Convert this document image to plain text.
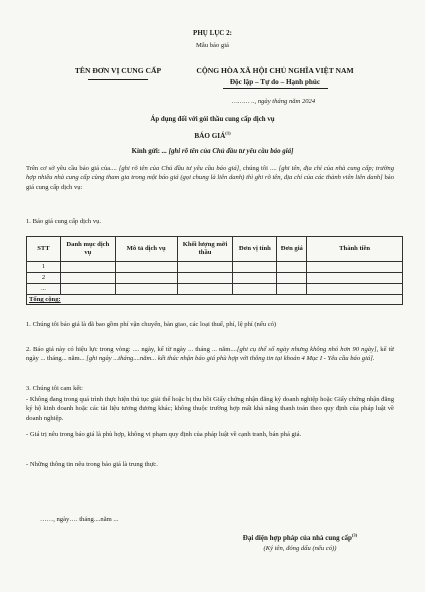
PHỤ LỤC 2:
Mẫu báo giá
TÊN ĐƠN VỊ CUNG CẤP	CỘNG HÒA XÃ HỘI CHỦ NGHĨA VIỆT NAM
Độc lập – Tự do – Hạnh phúc
……… .., ngày tháng năm 2024
Áp dụng đối với gói thầu cung cấp dịch vụ
BÁO GIÁ$^{(1)}$
Kính gửi: ... [ghi rõ tên của Chủ đầu tư yêu cầu báo giá]
Trên cơ sở yêu cầu báo giá của.... [ghi rõ tên của Chủ đầu tư yêu cầu báo giá], chúng tôi .... [ghi tên, địa chỉ của nhà cung cấp; trường hợp nhiều nhà cung cấp cùng tham gia trong một báo giá (gọi chung là liên danh) thì ghi rõ tên, địa chỉ của các thành viên liên danh] báo giá cung cấp dịch vụ:
1. Báo giá cung cấp dịch vụ.
STT	Danh mục dịch vụ	Mô tả dịch vụ	Khối lượng mời thầu	Đơn vị tính	Đơn giá	Thành tiền
1						
2						
...						
Tổng cộng:						
1. Chúng tôi báo giá là đã bao gồm phí vận chuyển, bàn giao, các loại thuế, phí, lệ phí (nếu có)
2. Báo giá này có hiệu lực trong vòng: .... ngày, kể từ ngày ... tháng ... năm....[ghi cụ thể số ngày nhưng không nhỏ hơn 90 ngày], kể từ ngày ... tháng... năm... [ghi ngày ...tháng....năm... kết thúc nhận báo giá phù hợp với thông tin tại khoản 4 Mục I - Yêu cầu báo giá].
3. Chúng tôi cam kết:
- Không đang trong quá trình thực hiện thủ tục giải thể hoặc bị thu hồi Giấy chứng nhận đăng ký doanh nghiệp hoặc Giấy chứng nhận đăng ký hộ kinh doanh hoặc các tài liệu tương đương khác; không thuộc trường hợp mất khả năng thanh toán theo quy định của pháp luật về doanh nghiệp.
- Giá trị nêu trong báo giá là phù hợp, không vi phạm quy định của pháp luật về cạnh tranh, bán phá giá.
- Những thông tin nêu trong báo giá là trung thực.
……, ngày…. tháng....năm ...
Đại diện hợp pháp của nhà cung cấp$^{(3)}$
(Ký tên, đóng dấu (nếu có))
